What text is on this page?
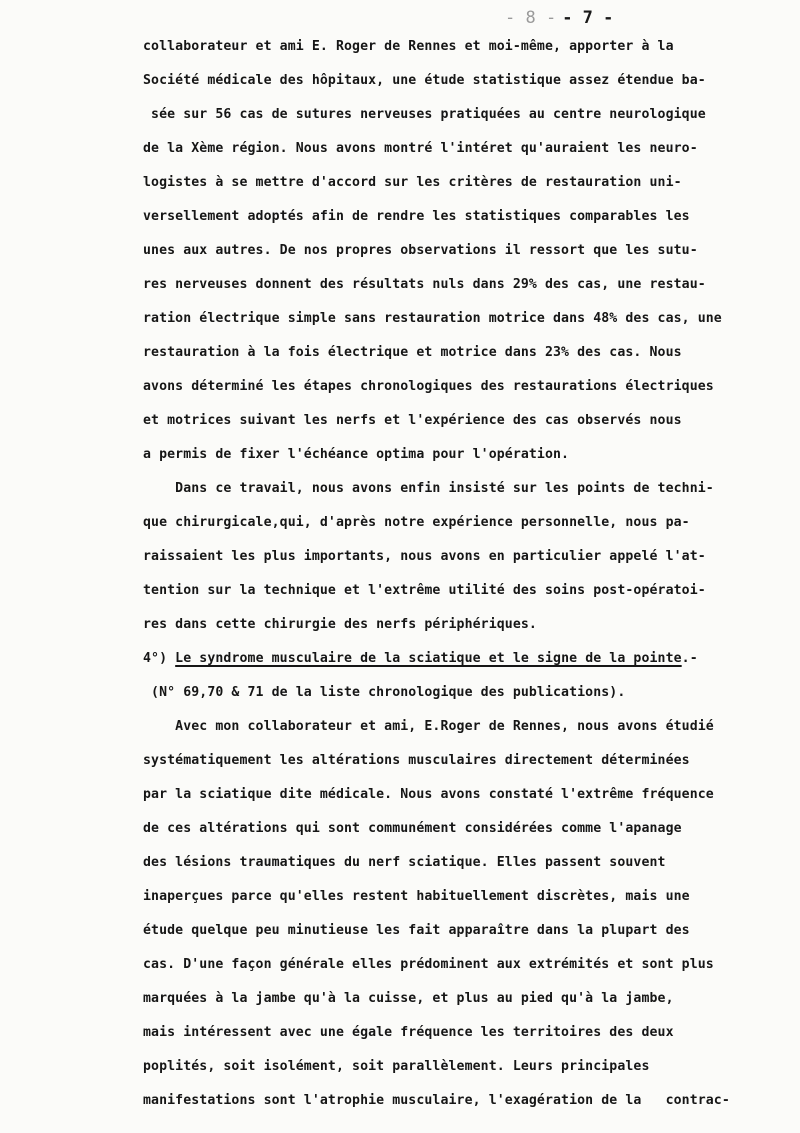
- 8 - - 7 -
collaborateur et ami E. Roger de Rennes et moi-même, apporter à la
Société médicale des hôpitaux, une étude statistique assez étendue ba-
sée sur 56 cas de sutures nerveuses pratiquées au centre neurologique
de la Xème région. Nous avons montré l'intéret qu'auraient les neuro-
logistes à se mettre d'accord sur les critères de restauration uni-
versellement adoptés afin de rendre les statistiques comparables les
unes aux autres. De nos propres observations il ressort que les sutu-
res nerveuses donnent des résultats nuls dans 29% des cas, une restau-
ration électrique simple sans restauration motrice dans 48% des cas, une
restauration à la fois électrique et motrice dans 23% des cas. Nous
avons déterminé les étapes chronologiques des restaurations électriques
et motrices suivant les nerfs et l'expérience des cas observés nous
a permis de fixer l'échéance optima pour l'opération.
Dans ce travail, nous avons enfin insisté sur les points de techni-
que chirurgicale,qui, d'après notre expérience personnelle, nous pa-
raissaient les plus importants, nous avons en particulier appelé l'at-
tention sur la technique et l'extrême utilité des soins post-opératoi-
res dans cette chirurgie des nerfs périphériques.
4°) Le syndrome musculaire de la sciatique et le signe de la pointe.-
(N° 69,70 & 71 de la liste chronologique des publications).
Avec mon collaborateur et ami, E.Roger de Rennes, nous avons étudié
systématiquement les altérations musculaires directement déterminées
par la sciatique dite médicale. Nous avons constaté l'extrême fréquence
de ces altérations qui sont communément considérées comme l'apanage
des lésions traumatiques du nerf sciatique. Elles passent souvent
inaperçues parce qu'elles restent habituellement discrètes, mais une
étude quelque peu minutieuse les fait apparaître dans la plupart des
cas. D'une façon générale elles prédominent aux extrémités et sont plus
marquées à la jambe qu'à la cuisse, et plus au pied qu'à la jambe,
mais intéressent avec une égale fréquence les territoires des deux
poplités, soit isolément, soit parallèlement. Leurs principales
manifestations sont l'atrophie musculaire, l'exagération de la   contrac-
